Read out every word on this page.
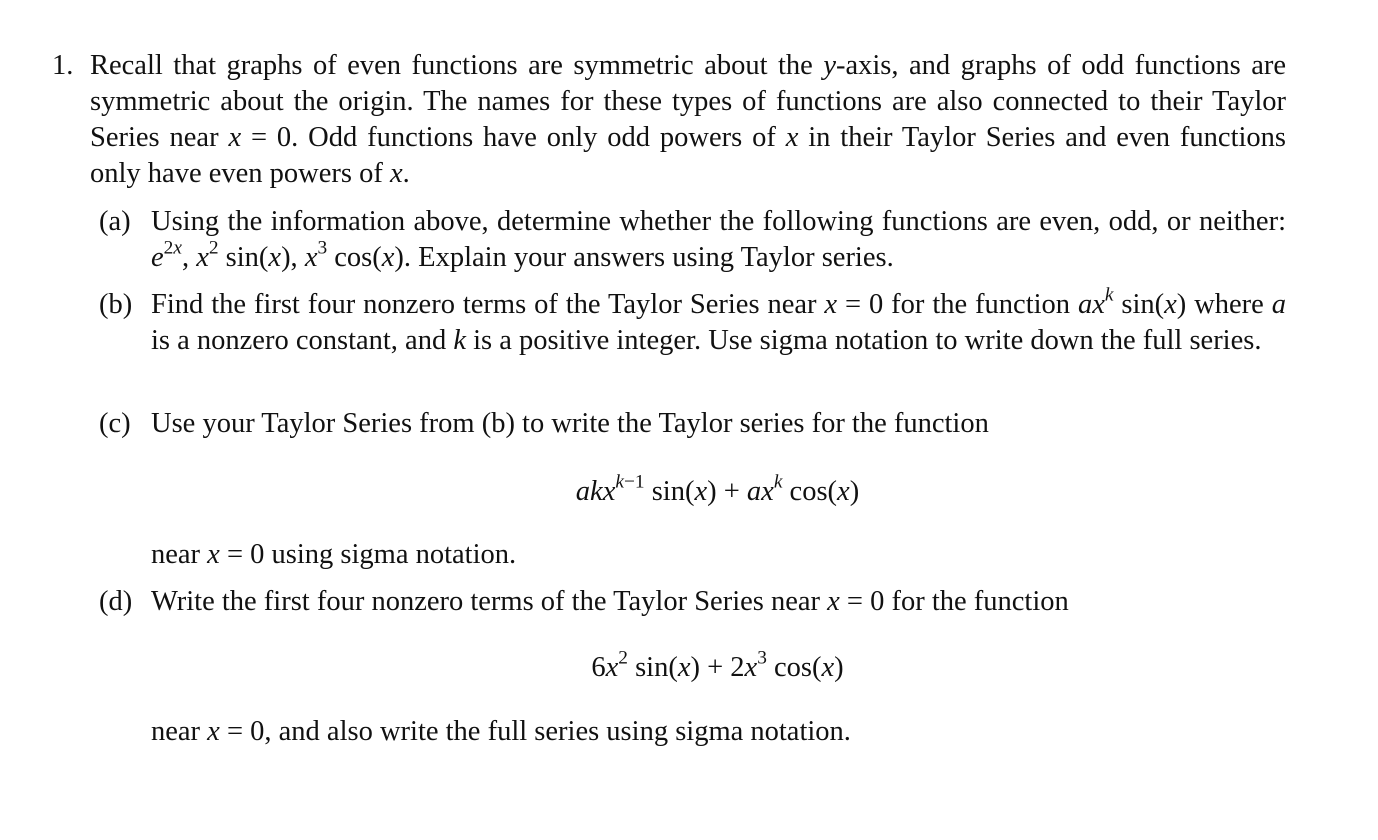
1. Recall that graphs of even functions are symmetric about the y-axis, and graphs of odd functions are symmetric about the origin. The names for these types of functions are also connected to their Taylor Series near x = 0. Odd functions have only odd powers of x in their Taylor Series and even functions only have even powers of x.
(a) Using the information above, determine whether the following functions are even, odd, or neither: $e^{2x}$, $x^2$ sin(x), $x^3$ cos(x). Explain your answers using Taylor series.
(b) Find the first four nonzero terms of the Taylor Series near x = 0 for the function $ax^k$ sin(x) where a is a nonzero constant, and k is a positive integer. Use sigma notation to write down the full series.
(c) Use your Taylor Series from (b) to write the Taylor series for the function
akx$^{k-1}$ $\sin(x) + ax^k$ cos(x)
near x = 0 using sigma notation.
(d) Write the first four nonzero terms of the Taylor Series near x = 0 for the function
$6x^2$ $\sin(x) + 2x^3$ cos(x)
near x = 0, and also write the full series using sigma notation.
